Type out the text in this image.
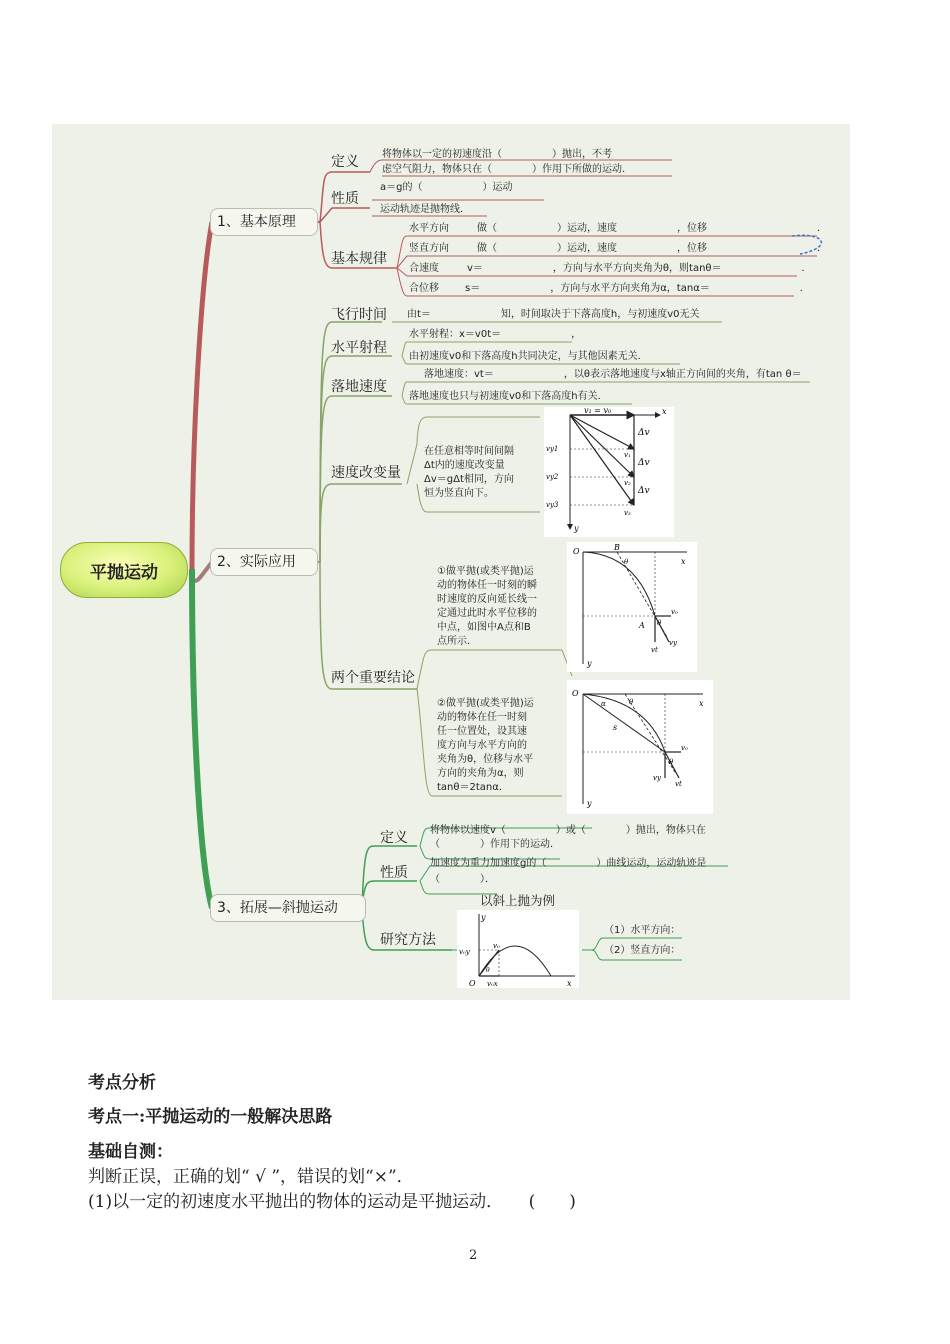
平抛运动
1、基本原理
定义 将物体以一定的初速度沿（　　　　　）抛出，不考
虑空气阻力，物体只在（　　　　）作用下所做的运动．
性质
a＝g的（　　　　　　）运动
运动轨迹是抛物线．
基本规律
水平方向	做（　　　　　　）运动，速度　　　　　　，位移　　　　　　　　　　　．
竖直方向	做（　　　　　　）运动，速度　　　　　　，位移　　　　　　　　　　　．
合速度	v＝　　　　　　　，方向与水平方向夹角为θ，则tanθ＝　　　　　　　　．
合位移	s＝　　　　　　　，方向与水平方向夹角为α，tanα＝　　　　　　　　　．
2、实际应用
飞行时间 由t＝　　　　　　　知，时间取决于下落高度h，与初速度v0无关
水平射程
水平射程：x＝v0t＝　　　　　　　，
由初速度v0和下落高度h共同决定，与其他因素无关．
落地速度
落地速度：vt＝　　　　　　　，以θ表示落地速度与x轴正方向间的夹角，有tan θ＝
落地速度也只与初速度v0和下落高度h有关．
速度改变量
在任意相等时间间隔
Δt内的速度改变量
Δv＝gΔt相同，方向
恒为竖直向下。
两个重要结论
①做平抛(或类平抛)运
动的物体任一时刻的瞬
时速度的反向延长线一
定通过此时水平位移的
中点，如图中A点和B
点所示．
②做平抛(或类平抛)运
动的物体在任一时刻
任一位置处，设其速
度方向与水平方向的
夹角为θ，位移与水平
方向的夹角为α，则
tanθ＝2tanα.
v₁ = v₀	x
y
vy1
vy2
vy3
v₁
v₂
v₃
Δv
Δv
Δv
O	B
x
y
A
θ
θ
v₀
vy
vt
O
x
y
α	θ
s
v₀
θ
vy
vt
3、拓展—斜抛运动
定义 将物体以速度v（　　　　　）或（　　　　）抛出，物体只在
（　　　　）作用下的运动．
性质
加速度为重力加速度g的（　　　　　）曲线运动，运动轨迹是
（　　　　）．
研究方法
以斜上抛为例
（1）水平方向：
（2）竖直方向：
O	x
y
v₀
v₀y
v₀x
θ
考点分析
考点一:平抛运动的一般解决思路
基础自测：
判断正误，正确的划“ √ ”，错误的划“×”．
(1)以一定的初速度水平抛出的物体的运动是平抛运动．　　(　　)
2
